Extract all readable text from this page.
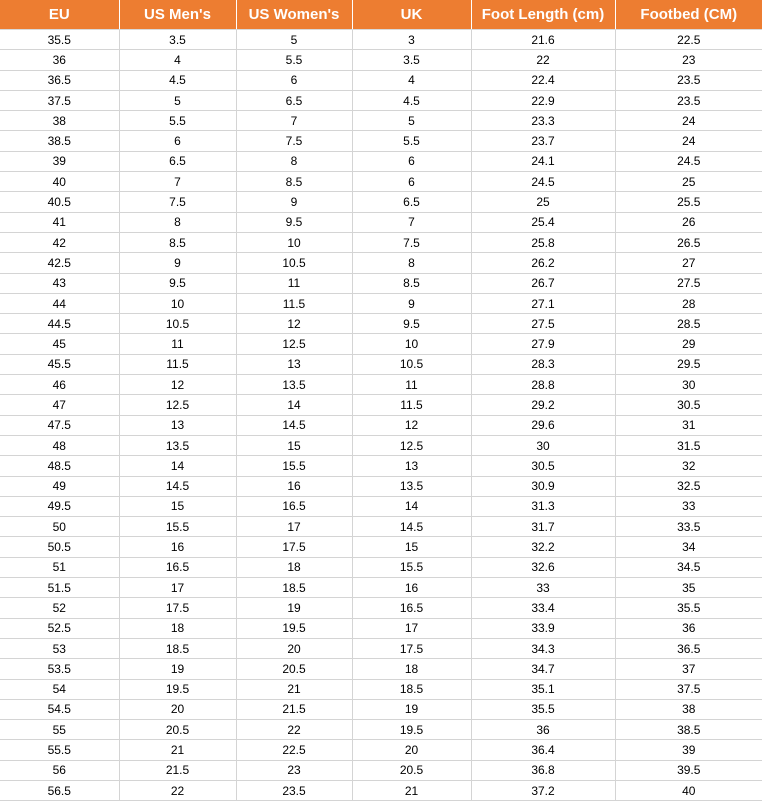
EU	US Men's	US Women's	UK	Foot Length (cm)	Footbed (CM)
35.5	3.5	5	3	21.6	22.5
36	4	5.5	3.5	22	23
36.5	4.5	6	4	22.4	23.5
37.5	5	6.5	4.5	22.9	23.5
38	5.5	7	5	23.3	24
38.5	6	7.5	5.5	23.7	24
39	6.5	8	6	24.1	24.5
40	7	8.5	6	24.5	25
40.5	7.5	9	6.5	25	25.5
41	8	9.5	7	25.4	26
42	8.5	10	7.5	25.8	26.5
42.5	9	10.5	8	26.2	27
43	9.5	11	8.5	26.7	27.5
44	10	11.5	9	27.1	28
44.5	10.5	12	9.5	27.5	28.5
45	11	12.5	10	27.9	29
45.5	11.5	13	10.5	28.3	29.5
46	12	13.5	11	28.8	30
47	12.5	14	11.5	29.2	30.5
47.5	13	14.5	12	29.6	31
48	13.5	15	12.5	30	31.5
48.5	14	15.5	13	30.5	32
49	14.5	16	13.5	30.9	32.5
49.5	15	16.5	14	31.3	33
50	15.5	17	14.5	31.7	33.5
50.5	16	17.5	15	32.2	34
51	16.5	18	15.5	32.6	34.5
51.5	17	18.5	16	33	35
52	17.5	19	16.5	33.4	35.5
52.5	18	19.5	17	33.9	36
53	18.5	20	17.5	34.3	36.5
53.5	19	20.5	18	34.7	37
54	19.5	21	18.5	35.1	37.5
54.5	20	21.5	19	35.5	38
55	20.5	22	19.5	36	38.5
55.5	21	22.5	20	36.4	39
56	21.5	23	20.5	36.8	39.5
56.5	22	23.5	21	37.2	40
